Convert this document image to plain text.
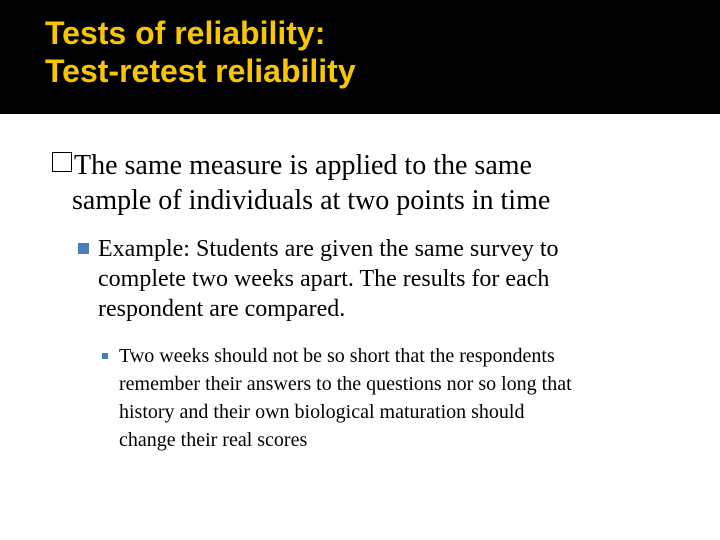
Tests of reliability:
Test-retest reliability
The same measure is applied to the same
sample of individuals at two points in time
Example: Students are given the same survey to
complete two weeks apart. The results for each
respondent are compared.
Two weeks should not be so short that the respondents
remember their answers to the questions nor so long that
history and their own biological maturation should
change their real scores
